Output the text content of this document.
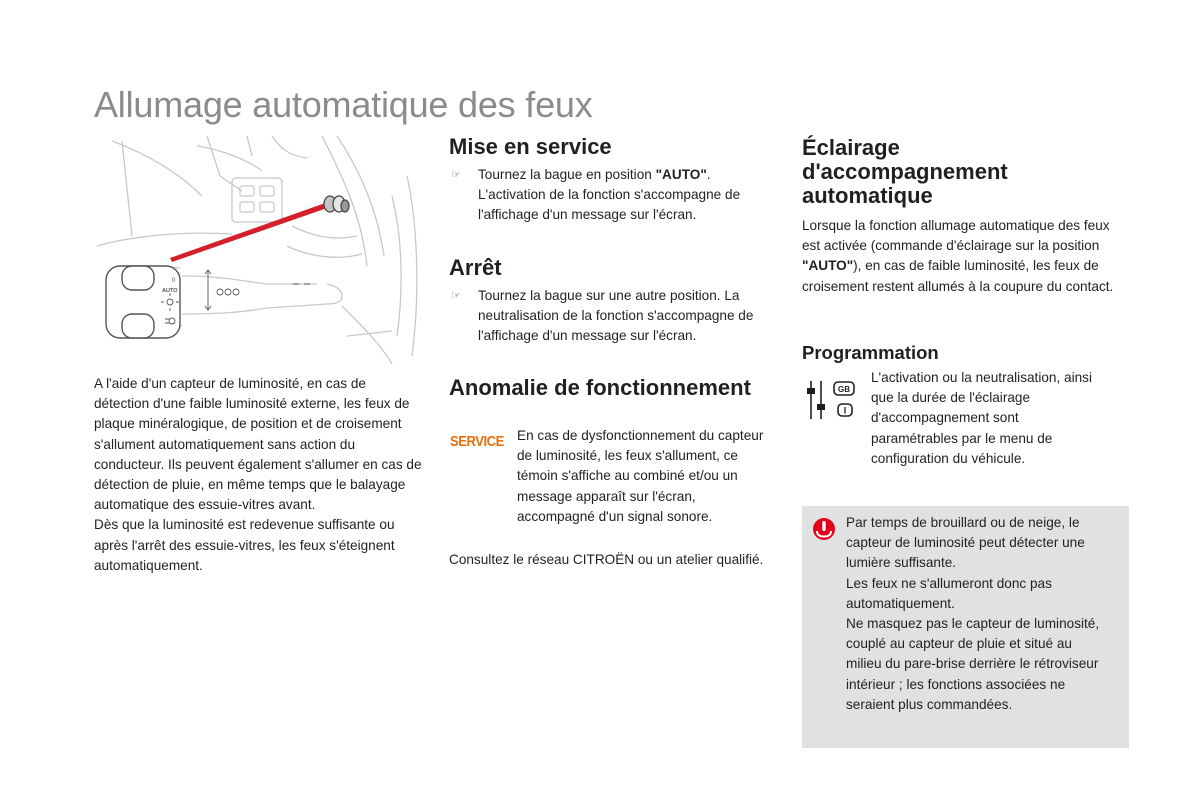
Allumage automatique des feux
0
AUTO

A l'aide d'un capteur de luminosité, en cas de détection d'une faible luminosité externe, les feux de plaque minéralogique, de position et de croisement s'allument automatiquement sans action du conducteur. Ils peuvent également s'allumer en cas de détection de pluie, en même temps que le balayage automatique des essuie-vitres avant.

Dès que la luminosité est redevenue suffisante ou après l'arrêt des essuie-vitres, les feux s'éteignent automatiquement.

Mise en service
☞	Tournez la bague en position "AUTO". L'activation de la fonction s'accompagne de l'affichage d'un message sur l'écran.
Arrêt
☞	Tournez la bague sur une autre position. La neutralisation de la fonction s'accompagne de l'affichage d'un message sur l'écran.
Anomalie de fonctionnement
SERVICE En cas de dysfonctionnement du capteur de luminosité, les feux s'allument, ce témoin s'affiche au combiné et/ou un message apparaît sur l'écran, accompagné d'un signal sonore.
Consultez le réseau CITROËN ou un atelier qualifié.
Éclairage d'accompagnement automatique
Lorsque la fonction allumage automatique des feux est activée (commande d'éclairage sur la position "AUTO"), en cas de faible luminosité, les feux de croisement restent allumés à la coupure du contact.
Programmation
GB
I
L'activation ou la neutralisation, ainsi que la durée de l'éclairage d'accompagnement sont paramétrables par le menu de configuration du véhicule.

Par temps de brouillard ou de neige, le capteur de luminosité peut détecter une lumière suffisante.

Les feux ne s'allumeront donc pas automatiquement.

Ne masquez pas le capteur de luminosité, couplé au capteur de pluie et situé au milieu du pare-brise derrière le rétroviseur intérieur ; les fonctions associées ne seraient plus commandées.
